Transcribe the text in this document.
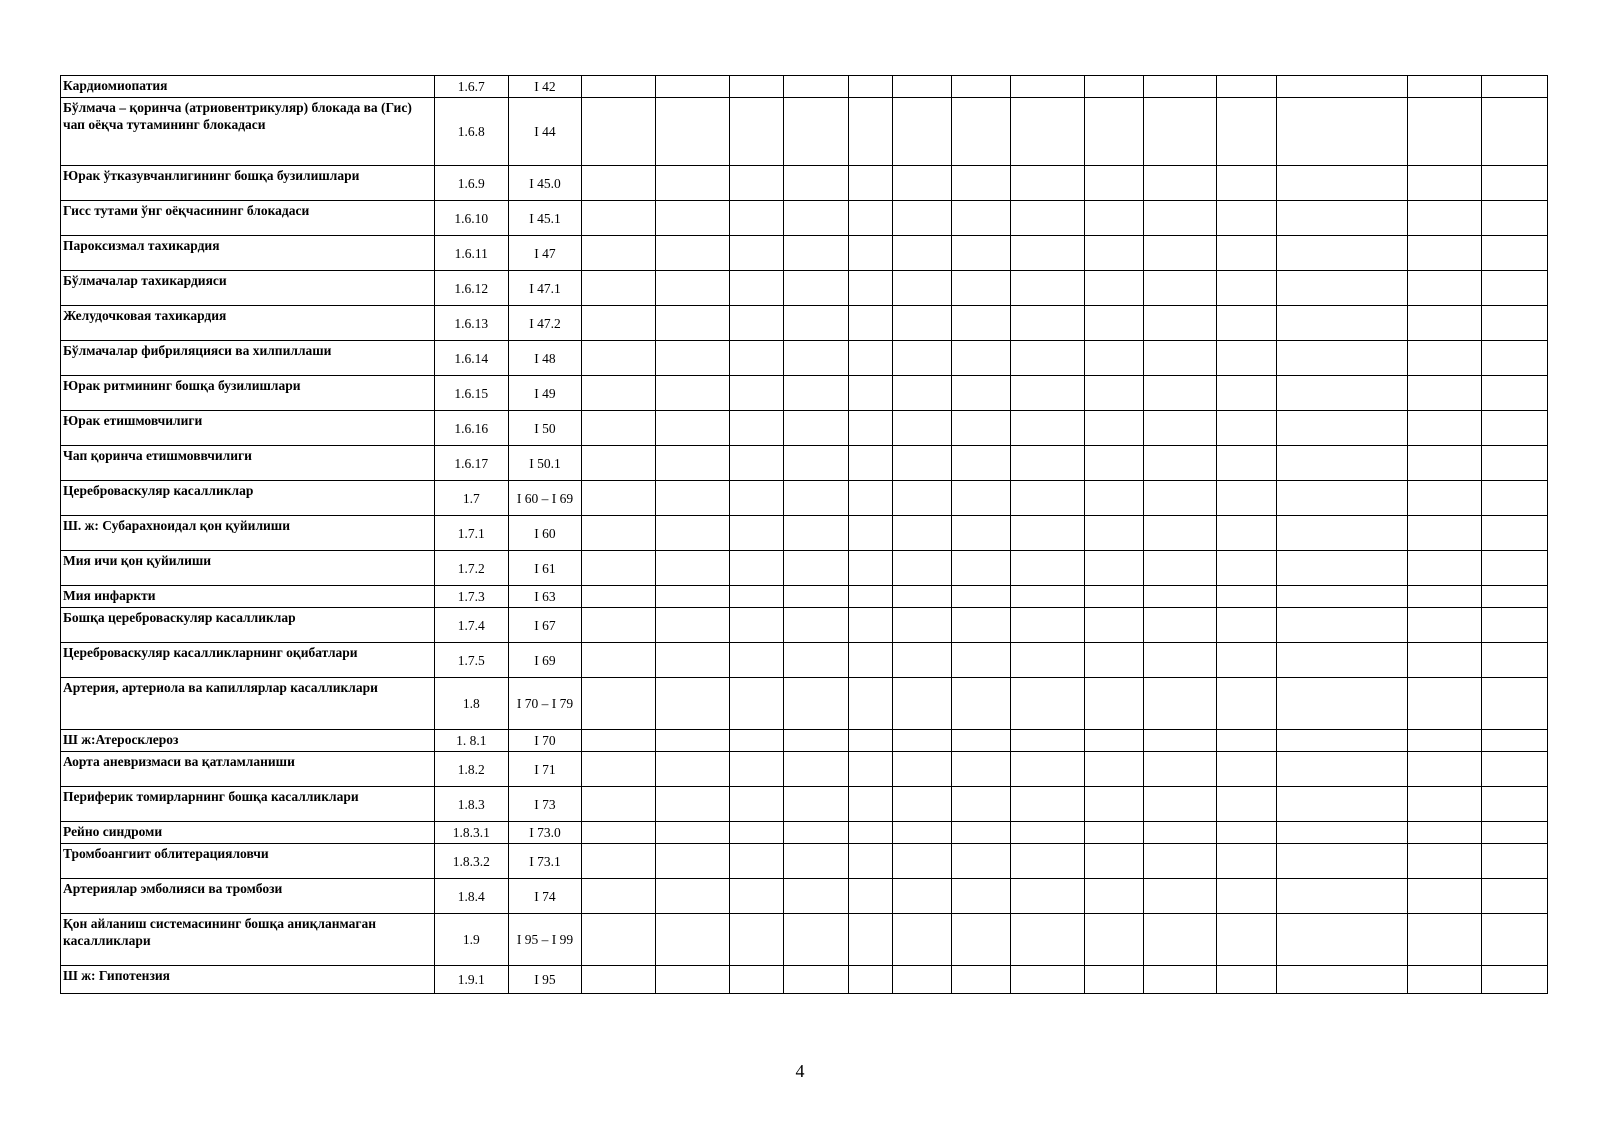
Кардиомиопатия	1.6.7	I 42														
Бўлмача – қоринча (атриовентрикуляр) блокада ва (Гис) чап оёқча тутамининг блокадаси	1.6.8	I 44														
Юрак ўтказувчанлигининг бошқа бузилишлари	1.6.9	I 45.0														
Гисс тутами ўнг оёқчасининг блокадаси	1.6.10	I 45.1														
Пароксизмал тахикардия	1.6.11	I 47														
Бўлмачалар тахикардияси	1.6.12	I 47.1														
Желудочковая тахикардия	1.6.13	I 47.2														
Бўлмачалар фибриляцияси ва хилпиллаши	1.6.14	I 48														
Юрак ритмининг бошқа бузилишлари	1.6.15	I 49														
Юрак етишмовчилиги	1.6.16	I 50														
Чап қоринча етишмоввчилиги	1.6.17	I 50.1														
Цереброваскуляр касалликлар	1.7	I 60 – I 69														
Ш. ж: Субарахноидал қон қуйилиши	1.7.1	I 60														
Мия ичи қон қуйилиши	1.7.2	I 61														
Мия инфаркти	1.7.3	I 63														
Бошқа цереброваскуляр касалликлар	1.7.4	I 67														
Цереброваскуляр касалликларнинг оқибатлари	1.7.5	I 69														
Артерия, артериола ва капиллярлар касалликлари	1.8	I 70 – I 79														
Ш ж:Атеросклероз	1. 8.1	I 70														
Аорта аневризмаси ва қатламланиши	1.8.2	I 71														
Периферик томирларнинг бошқа касалликлари	1.8.3	I 73														
Рейно синдроми	1.8.3.1	I 73.0														
Тромбоангиит облитерацияловчи	1.8.3.2	I 73.1														
Артериялар эмболияси ва тромбози	1.8.4	I 74														
Қон айланиш системасининг бошқа аниқланмаган касалликлари	1.9	I 95 – I 99														
Ш ж: Гипотензия	1.9.1	I 95														
4
